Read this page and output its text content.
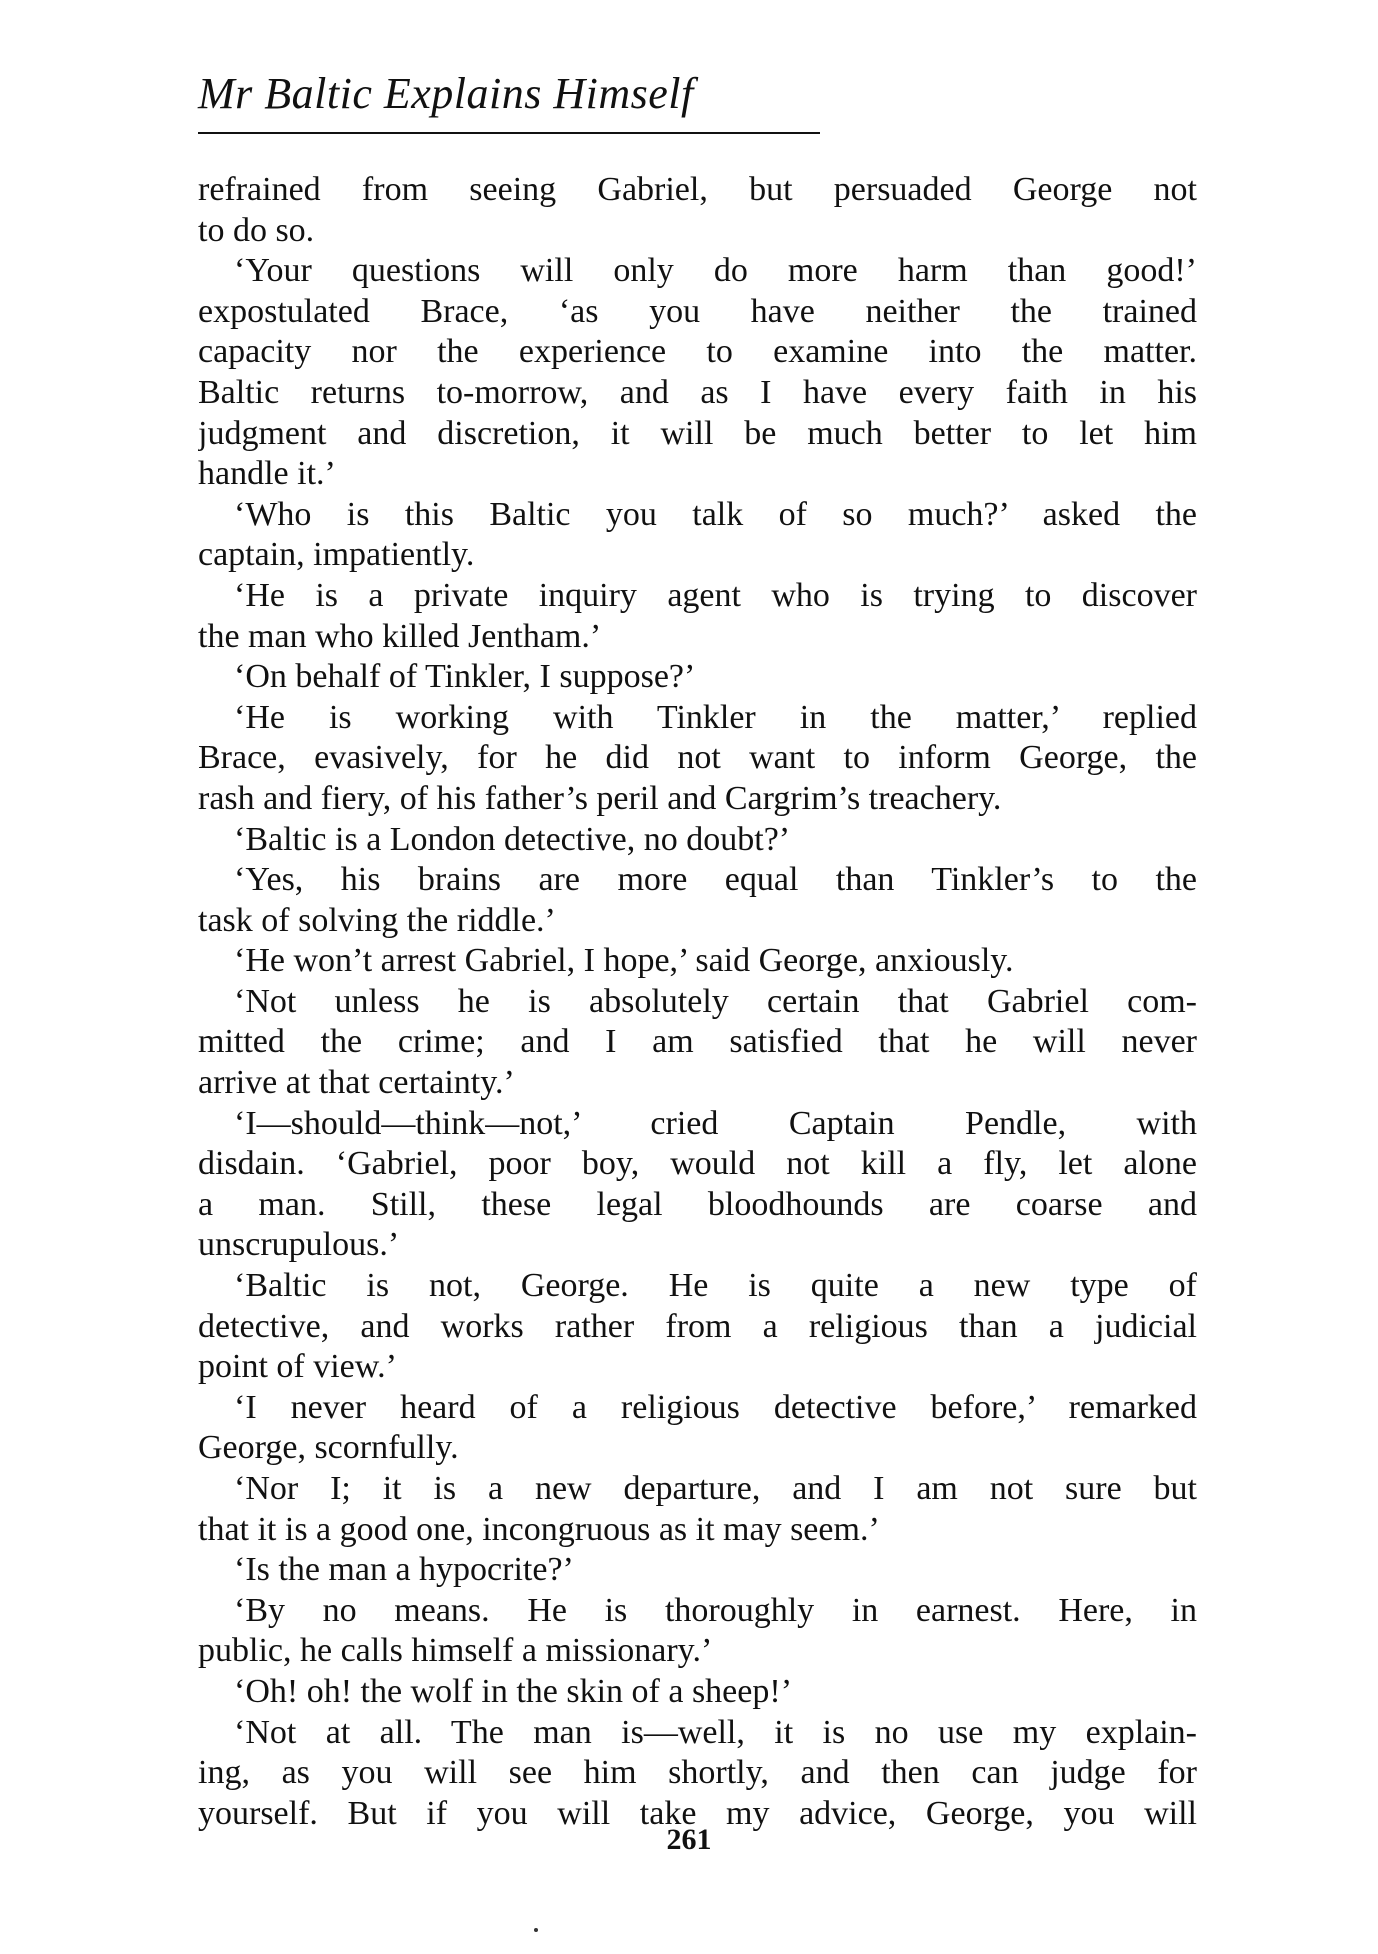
Mr Baltic Explains Himself
refrained from seeing Gabriel, but persuaded George not
to do so.
‘Your questions will only do more harm than good!’
expostulated Brace, ‘as you have neither the trained
capacity nor the experience to examine into the matter.
Baltic returns to-morrow, and as I have every faith in his
judgment and discretion, it will be much better to let him
handle it.’
‘Who is this Baltic you talk of so much?’ asked the
captain, impatiently.
‘He is a private inquiry agent who is trying to discover
the man who killed Jentham.’
‘On behalf of Tinkler, I suppose?’
‘He is working with Tinkler in the matter,’ replied
Brace, evasively, for he did not want to inform George, the
rash and fiery, of his father’s peril and Cargrim’s treachery.
‘Baltic is a London detective, no doubt?’
‘Yes, his brains are more equal than Tinkler’s to the
task of solving the riddle.’
‘He won’t arrest Gabriel, I hope,’ said George, anxiously.
‘Not unless he is absolutely certain that Gabriel com-
mitted the crime; and I am satisfied that he will never
arrive at that certainty.’
‘I—should—think—not,’ cried Captain Pendle, with
disdain. ‘Gabriel, poor boy, would not kill a fly, let alone
a man. Still, these legal bloodhounds are coarse and
unscrupulous.’
‘Baltic is not, George. He is quite a new type of
detective, and works rather from a religious than a judicial
point of view.’
‘I never heard of a religious detective before,’ remarked
George, scornfully.
‘Nor I; it is a new departure, and I am not sure but
that it is a good one, incongruous as it may seem.’
‘Is the man a hypocrite?’
‘By no means. He is thoroughly in earnest. Here, in
public, he calls himself a missionary.’
‘Oh! oh! the wolf in the skin of a sheep!’
‘Not at all. The man is—well, it is no use my explain-
ing, as you will see him shortly, and then can judge for
yourself. But if you will take my advice, George, you will
261
